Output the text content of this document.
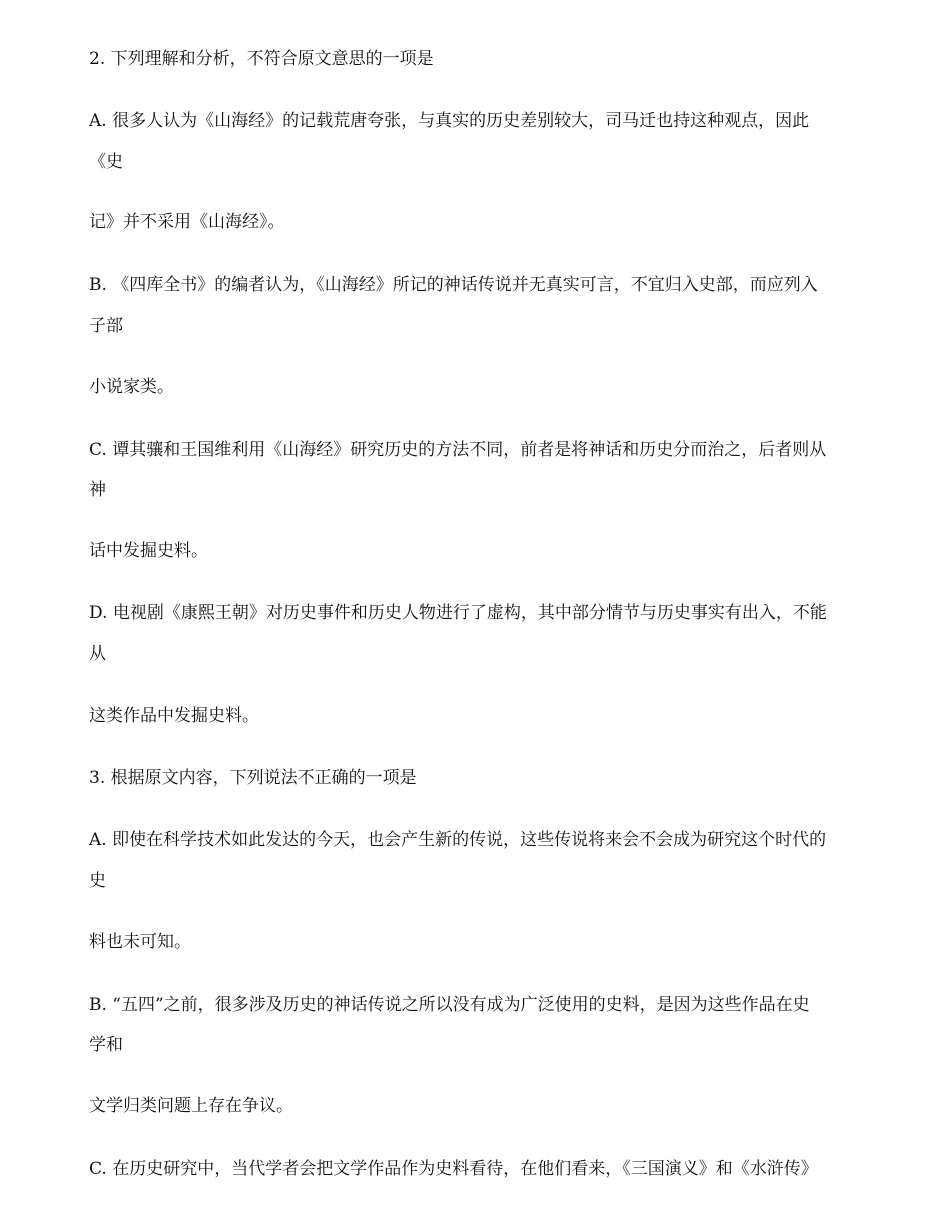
2. 下列理解和分析，不符合原文意思的一项是
A. 很多人认为《山海经》的记载荒唐夸张，与真实的历史差别较大，司马迁也持这种观点，因此
《史
记》并不采用《山海经》。
B. 《四库全书》的编者认为，《山海经》所记的神话传说并无真实可言，不宜归入史部，而应列入
子部
小说家类。
C. 谭其骧和王国维利用《山海经》研究历史的方法不同，前者是将神话和历史分而治之，后者则从
神
话中发掘史料。
D. 电视剧《康熙王朝》对历史事件和历史人物进行了虚构，其中部分情节与历史事实有出入，不能
从
这类作品中发掘史料。
3. 根据原文内容，下列说法不正确的一项是
A. 即使在科学技术如此发达的今天，也会产生新的传说，这些传说将来会不会成为研究这个时代的
史
料也未可知。
B. “五四”之前，很多涉及历史的神话传说之所以没有成为广泛使用的史料，是因为这些作品在史
学和
文学归类问题上存在争议。
C. 在历史研究中，当代学者会把文学作品作为史料看待，在他们看来，《三国演义》和《水浒传》
